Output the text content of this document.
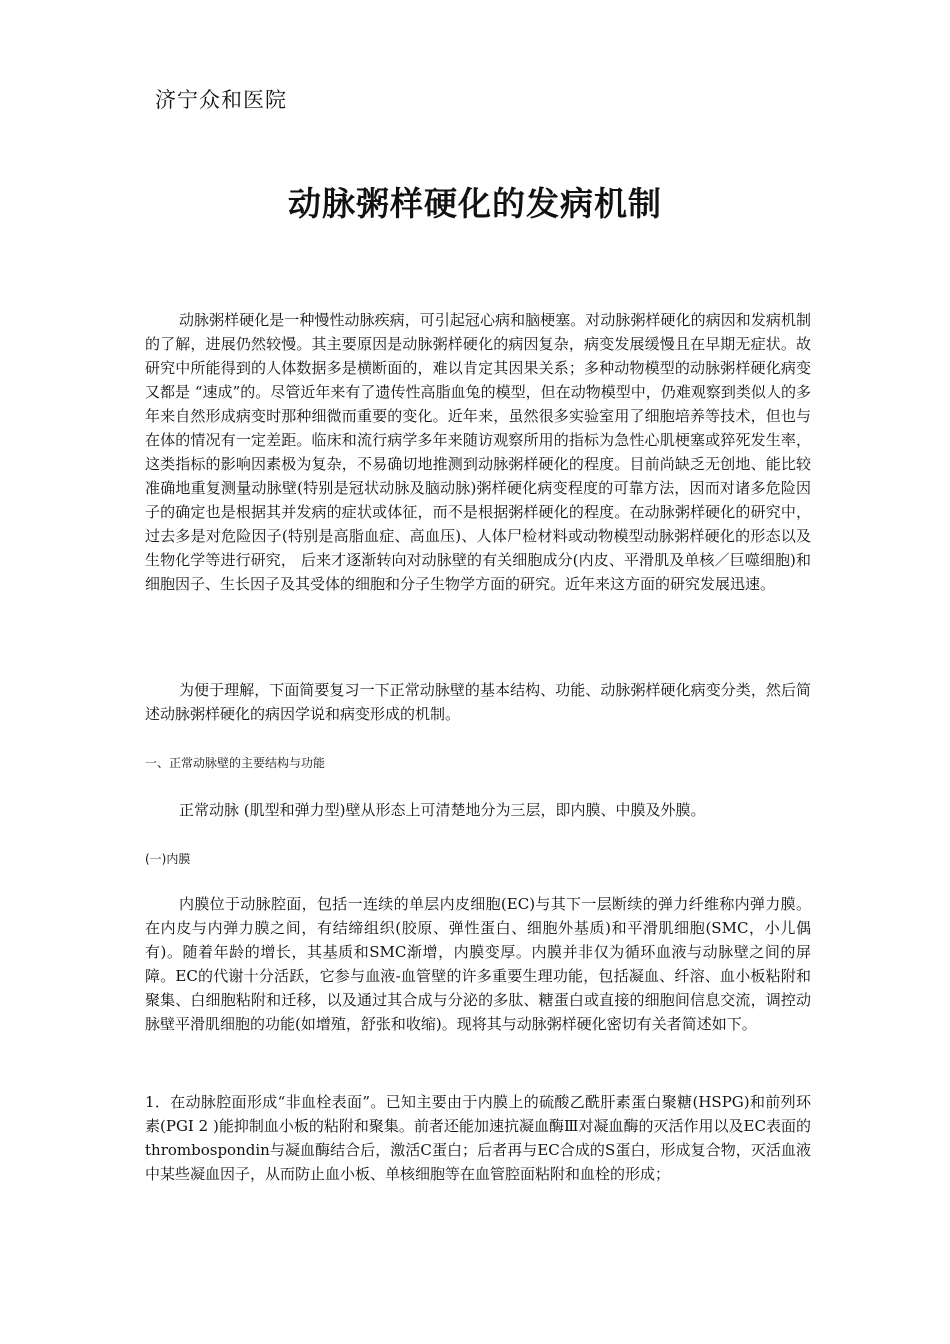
济宁众和医院
动脉粥样硬化的发病机制
动脉粥样硬化是一种慢性动脉疾病，可引起冠心病和脑梗塞。对动脉粥样硬化的病因和发病机制的了解，进展仍然较慢。其主要原因是动脉粥样硬化的病因复杂，病变发展缓慢且在早期无症状。故研究中所能得到的人体数据多是横断面的，难以肯定其因果关系；多种动物模型的动脉粥样硬化病变又都是 “速成”的。尽管近年来有了遗传性高脂血兔的模型，但在动物模型中，仍难观察到类似人的多年来自然形成病变时那种细微而重要的变化。近年来，虽然很多实验室用了细胞培养等技术，但也与在体的情况有一定差距。临床和流行病学多年来随访观察所用的指标为急性心肌梗塞或猝死发生率，这类指标的影响因素极为复杂，不易确切地推测到动脉粥样硬化的程度。目前尚缺乏无创地、能比较准确地重复测量动脉壁(特别是冠状动脉及脑动脉)粥样硬化病变程度的可靠方法，因而对诸多危险因子的确定也是根据其并发病的症状或体征，而不是根据粥样硬化的程度。在动脉粥样硬化的研究中，过去多是对危险因子(特别是高脂血症、高血压)、人体尸检材料或动物模型动脉粥样硬化的形态以及生物化学等进行研究， 后来才逐渐转向对动脉壁的有关细胞成分(内皮、平滑肌及单核／巨噬细胞)和细胞因子、生长因子及其受体的细胞和分子生物学方面的研究。近年来这方面的研究发展迅速。
为便于理解，下面简要复习一下正常动脉壁的基本结构、功能、动脉粥样硬化病变分类，然后简述动脉粥样硬化的病因学说和病变形成的机制。
一、正常动脉壁的主要结构与功能
正常动脉 (肌型和弹力型)壁从形态上可清楚地分为三层，即内膜、中膜及外膜。
(一)内膜
内膜位于动脉腔面，包括一连续的单层内皮细胞(EC)与其下一层断续的弹力纤维称内弹力膜。在内皮与内弹力膜之间，有结缔组织(胶原、弹性蛋白、细胞外基质)和平滑肌细胞(SMC，小儿偶有)。随着年龄的增长，其基质和SMC渐增，内膜变厚。内膜并非仅为循环血液与动脉壁之间的屏障。EC的代谢十分活跃，它参与血液-血管壁的许多重要生理功能，包括凝血、纤溶、血小板粘附和聚集、白细胞粘附和迁移，以及通过其合成与分泌的多肽、糖蛋白或直接的细胞间信息交流，调控动脉壁平滑肌细胞的功能(如增殖，舒张和收缩)。现将其与动脉粥样硬化密切有关者简述如下。
1．在动脉腔面形成“非血栓表面”。已知主要由于内膜上的硫酸乙酰肝素蛋白聚糖(HSPG)和前列环素(PGI 2 )能抑制血小板的粘附和聚集。前者还能加速抗凝血酶Ⅲ对凝血酶的灭活作用以及EC表面的thrombospondin与凝血酶结合后，激活C蛋白；后者再与EC合成的S蛋白，形成复合物，灭活血液中某些凝血因子，从而防止血小板、单核细胞等在血管腔面粘附和血栓的形成；
